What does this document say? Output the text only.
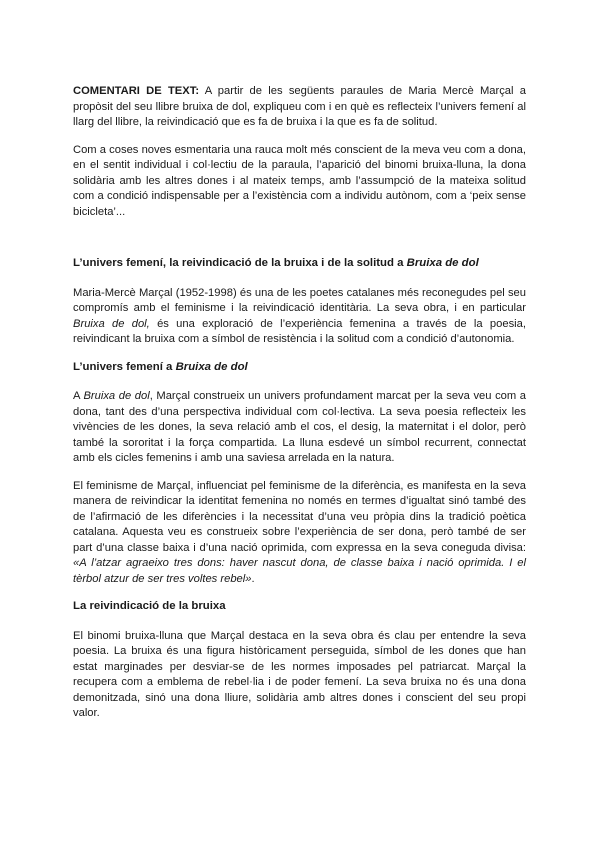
COMENTARI DE TEXT: A partir de les següents paraules de Maria Mercè Marçal a propòsit del seu llibre bruixa de dol, expliqueu com i en què es reflecteix l’univers femení al llarg del llibre, la reivindicació que es fa de bruixa i la que es fa de solitud.

Com a coses noves esmentaria una rauca molt més conscient de la meva veu com a dona, en el sentit individual i col·lectiu de la paraula, l’aparició del binomi bruixa-lluna, la dona solidària amb les altres dones i al mateix temps, amb l’assumpció de la mateixa solitud com a condició indispensable per a l’existència com a individu autònom, com a ‘peix sense bicicleta’...

L’univers femení, la reivindicació de la bruixa i de la solitud a Bruixa de dol

Maria-Mercè Marçal (1952-1998) és una de les poetes catalanes més reconegudes pel seu compromís amb el feminisme i la reivindicació identitària. La seva obra, i en particular Bruixa de dol, és una exploració de l’experiència femenina a través de la poesia, reivindicant la bruixa com a símbol de resistència i la solitud com a condició d’autonomia.

L’univers femení a Bruixa de dol

A Bruixa de dol, Marçal construeix un univers profundament marcat per la seva veu com a dona, tant des d’una perspectiva individual com col·lectiva. La seva poesia reflecteix les vivències de les dones, la seva relació amb el cos, el desig, la maternitat i el dolor, però també la sororitat i la força compartida. La lluna esdevé un símbol recurrent, connectat amb els cicles femenins i amb una saviesa arrelada en la natura.

El feminisme de Marçal, influenciat pel feminisme de la diferència, es manifesta en la seva manera de reivindicar la identitat femenina no només en termes d’igualtat sinó també des de l’afirmació de les diferències i la necessitat d’una veu pròpia dins la tradició poètica catalana. Aquesta veu es construeix sobre l’experiència de ser dona, però també de ser part d’una classe baixa i d’una nació oprimida, com expressa en la seva coneguda divisa: «A l’atzar agraeixo tres dons: haver nascut dona, de classe baixa i nació oprimida. I el tèrbol atzur de ser tres voltes rebel».

La reivindicació de la bruixa

El binomi bruixa-lluna que Marçal destaca en la seva obra és clau per entendre la seva poesia. La bruixa és una figura històricament perseguida, símbol de les dones que han estat marginades per desviar-se de les normes imposades pel patriarcat. Marçal la recupera com a emblema de rebel·lia i de poder femení. La seva bruixa no és una dona demonitzada, sinó una dona lliure, solidària amb altres dones i conscient del seu propi valor.
